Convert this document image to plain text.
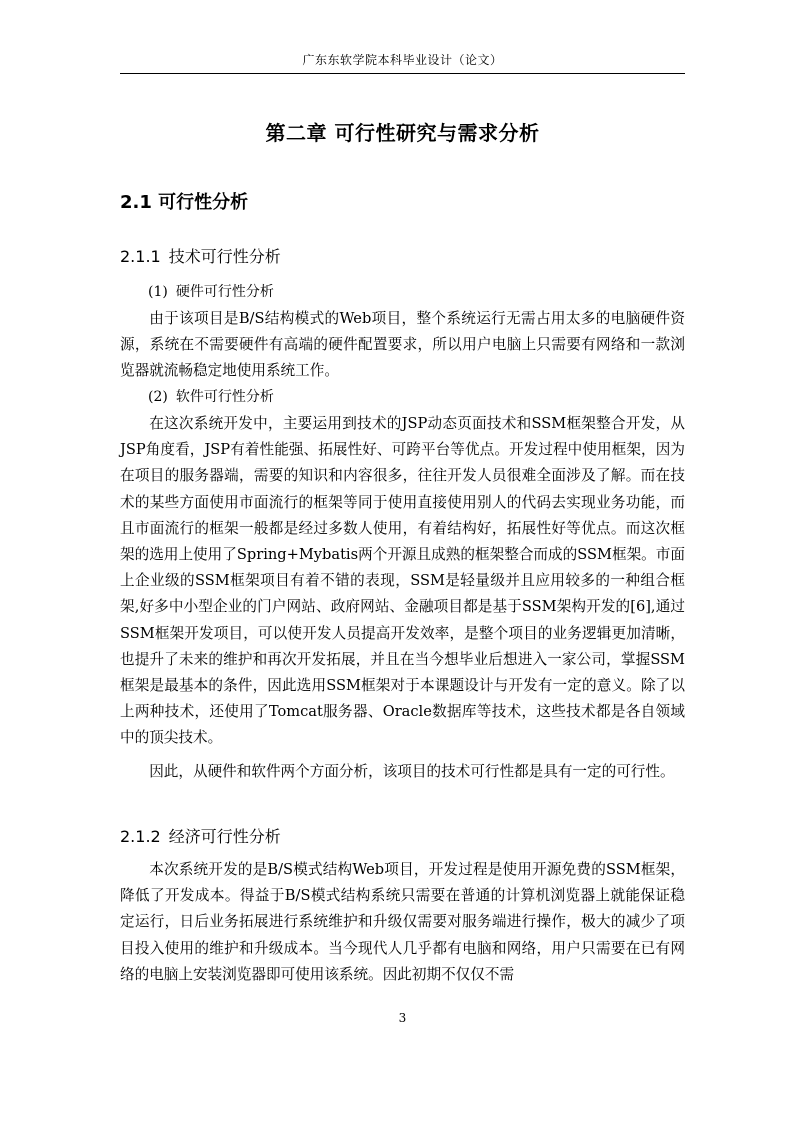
广东东软学院本科毕业设计（论文）
第二章 可行性研究与需求分析
2.1 可行性分析
2.1.1 技术可行性分析
(1) 硬件可行性分析

由于该项目是B/S结构模式的Web项目，整个系统运行无需占用太多的电脑硬件资源，系统在不需要硬件有高端的硬件配置要求，所以用户电脑上只需要有网络和一款浏览器就流畅稳定地使用系统工作。

(2) 软件可行性分析

在这次系统开发中，主要运用到技术的JSP动态页面技术和SSM框架整合开发，从JSP角度看，JSP有着性能强、拓展性好、可跨平台等优点。开发过程中使用框架，因为在项目的服务器端，需要的知识和内容很多，往往开发人员很难全面涉及了解。而在技术的某些方面使用市面流行的框架等同于使用直接使用别人的代码去实现业务功能，而且市面流行的框架一般都是经过多数人使用，有着结构好，拓展性好等优点。而这次框架的选用上使用了Spring+Mybatis两个开源且成熟的框架整合而成的SSM框架。市面上企业级的SSM框架项目有着不错的表现，SSM是轻量级并且应用较多的一种组合框架,好多中小型企业的门户网站、政府网站、金融项目都是基于SSM架构开发的[6],通过SSM框架开发项目，可以使开发人员提高开发效率，是整个项目的业务逻辑更加清晰，也提升了未来的维护和再次开发拓展，并且在当今想毕业后想进入一家公司，掌握SSM框架是最基本的条件，因此选用SSM框架对于本课题设计与开发有一定的意义。除了以上两种技术，还使用了Tomcat服务器、Oracle数据库等技术，这些技术都是各自领域中的顶尖技术。

因此，从硬件和软件两个方面分析，该项目的技术可行性都是具有一定的可行性。

2.1.2 经济可行性分析

本次系统开发的是B/S模式结构Web项目，开发过程是使用开源免费的SSM框架，降低了开发成本。得益于B/S模式结构系统只需要在普通的计算机浏览器上就能保证稳定运行，日后业务拓展进行系统维护和升级仅需要对服务端进行操作，极大的减少了项目投入使用的维护和升级成本。当今现代人几乎都有电脑和网络，用户只需要在已有网络的电脑上安装浏览器即可使用该系统。因此初期不仅仅不需

3
